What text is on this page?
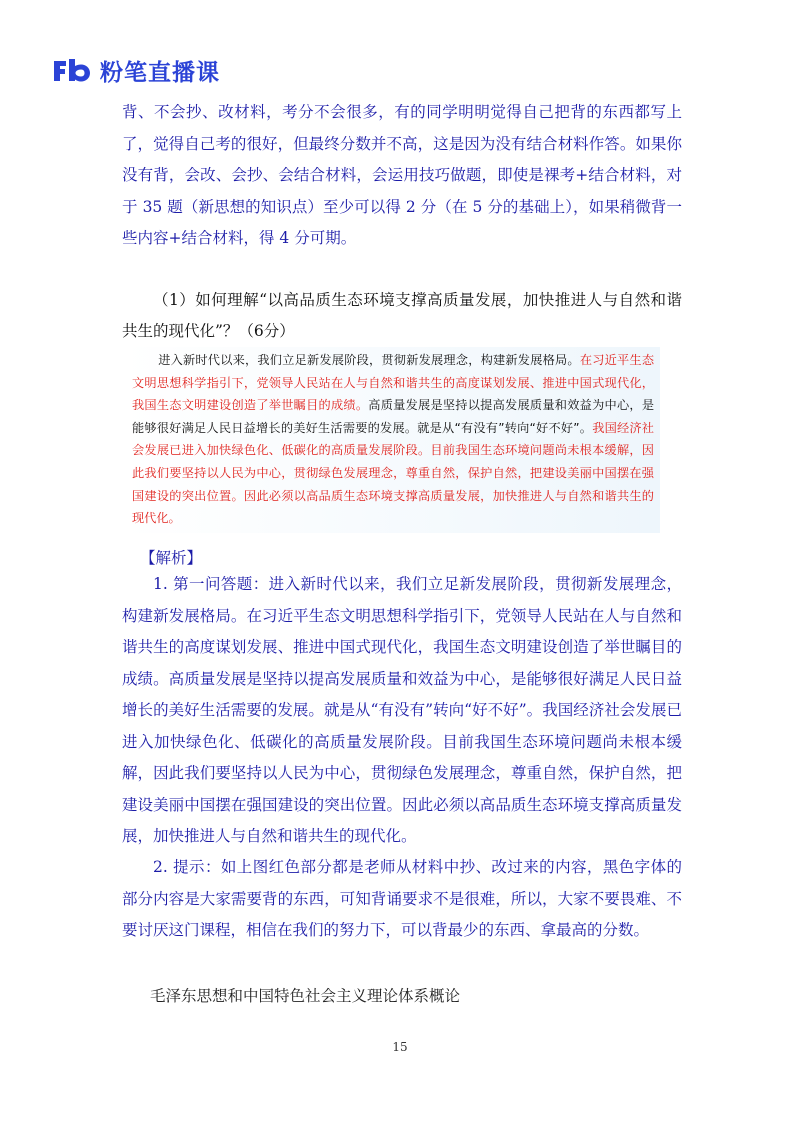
粉笔直播课

背、不会抄、改材料，考分不会很多，有的同学明明觉得自己把背的东西都写上了，觉得自己考的很好，但最终分数并不高，这是因为没有结合材料作答。如果你没有背，会改、会抄、会结合材料，会运用技巧做题，即使是裸考+结合材料，对于 35 题（新思想的知识点）至少可以得 2 分（在 5 分的基础上），如果稍微背一些内容+结合材料，得 4 分可期。

（1）如何理解“以高品质生态环境支撑高质量发展，加快推进人与自然和谐共生的现代化”？（6分）

进入新时代以来，我们立足新发展阶段，贯彻新发展理念，构建新发展格局。在习近平生态文明思想科学指引下，党领导人民站在人与自然和谐共生的高度谋划发展、推进中国式现代化，我国生态文明建设创造了举世瞩目的成绩。高质量发展是坚持以提高发展质量和效益为中心，是能够很好满足人民日益增长的美好生活需要的发展。就是从“有没有”转向“好不好”。我国经济社会发展已进入加快绿色化、低碳化的高质量发展阶段。目前我国生态环境问题尚未根本缓解，因此我们要坚持以人民为中心，贯彻绿色发展理念，尊重自然，保护自然，把建设美丽中国摆在强国建设的突出位置。因此必须以高品质生态环境支撑高质量发展，加快推进人与自然和谐共生的现代化。
【解析】

1. 第一问答题：进入新时代以来，我们立足新发展阶段，贯彻新发展理念，构建新发展格局。在习近平生态文明思想科学指引下，党领导人民站在人与自然和谐共生的高度谋划发展、推进中国式现代化，我国生态文明建设创造了举世瞩目的成绩。高质量发展是坚持以提高发展质量和效益为中心，是能够很好满足人民日益增长的美好生活需要的发展。就是从“有没有”转向“好不好”。我国经济社会发展已进入加快绿色化、低碳化的高质量发展阶段。目前我国生态环境问题尚未根本缓解，因此我们要坚持以人民为中心，贯彻绿色发展理念，尊重自然，保护自然，把建设美丽中国摆在强国建设的突出位置。因此必须以高品质生态环境支撑高质量发展，加快推进人与自然和谐共生的现代化。

2. 提示：如上图红色部分都是老师从材料中抄、改过来的内容，黑色字体的部分内容是大家需要背的东西，可知背诵要求不是很难，所以，大家不要畏难、不要讨厌这门课程，相信在我们的努力下，可以背最少的东西、拿最高的分数。

毛泽东思想和中国特色社会主义理论体系概论
15
